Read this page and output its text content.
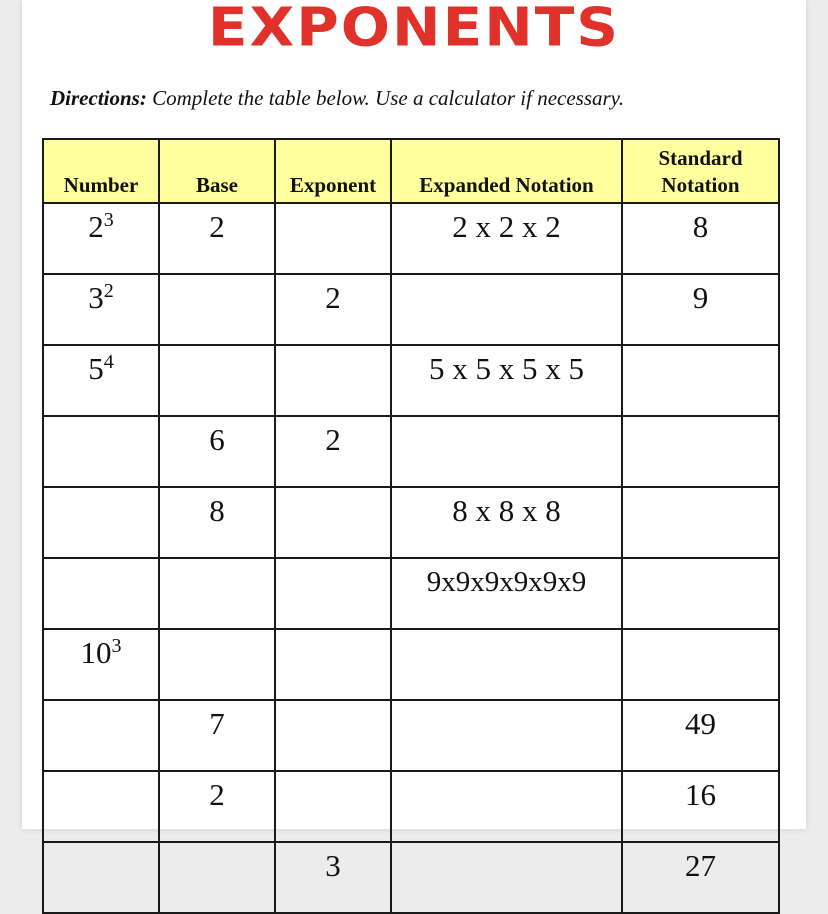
EXPONENTS
Directions: Complete the table below. Use a calculator if necessary.
Number	Base	Exponent	Expanded Notation	Standard
Notation
$2^3$	2		2 x 2 x 2	8
$3^2$		2		9
$5^4$			5 x 5 x 5 x 5	
	6	2		
	8		8 x 8 x 8	
			9x9x9x9x9x9	
$10^3$				
	7			49
	2			16
		3		27
